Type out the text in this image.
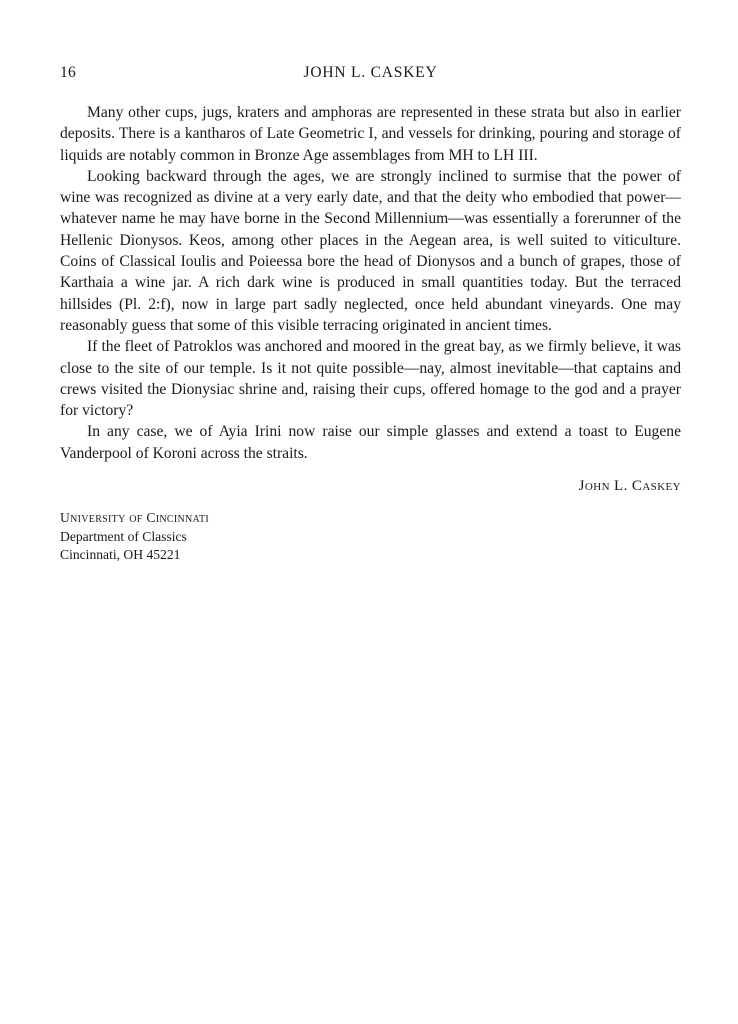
16	JOHN L. CASKEY

Many other cups, jugs, kraters and amphoras are represented in these strata but also in earlier deposits. There is a kantharos of Late Geometric I, and vessels for drinking, pouring and storage of liquids are notably common in Bronze Age assemblages from MH to LH III.

Looking backward through the ages, we are strongly inclined to surmise that the power of wine was recognized as divine at a very early date, and that the deity who embodied that power—whatever name he may have borne in the Second Millennium—was essentially a forerunner of the Hellenic Dionysos. Keos, among other places in the Aegean area, is well suited to viticulture. Coins of Classical Ioulis and Poieessa bore the head of Dionysos and a bunch of grapes, those of Karthaia a wine jar. A rich dark wine is produced in small quantities today. But the terraced hillsides (Pl. 2:f), now in large part sadly neglected, once held abundant vineyards. One may reasonably guess that some of this visible terracing originated in ancient times.

If the fleet of Patroklos was anchored and moored in the great bay, as we firmly believe, it was close to the site of our temple. Is it not quite possible—nay, almost inevitable—that captains and crews visited the Dionysiac shrine and, raising their cups, offered homage to the god and a prayer for victory?

In any case, we of Ayia Irini now raise our simple glasses and extend a toast to Eugene Vanderpool of Koroni across the straits.

John L. Caskey
University of Cincinnati
Department of Classics
Cincinnati, OH 45221
